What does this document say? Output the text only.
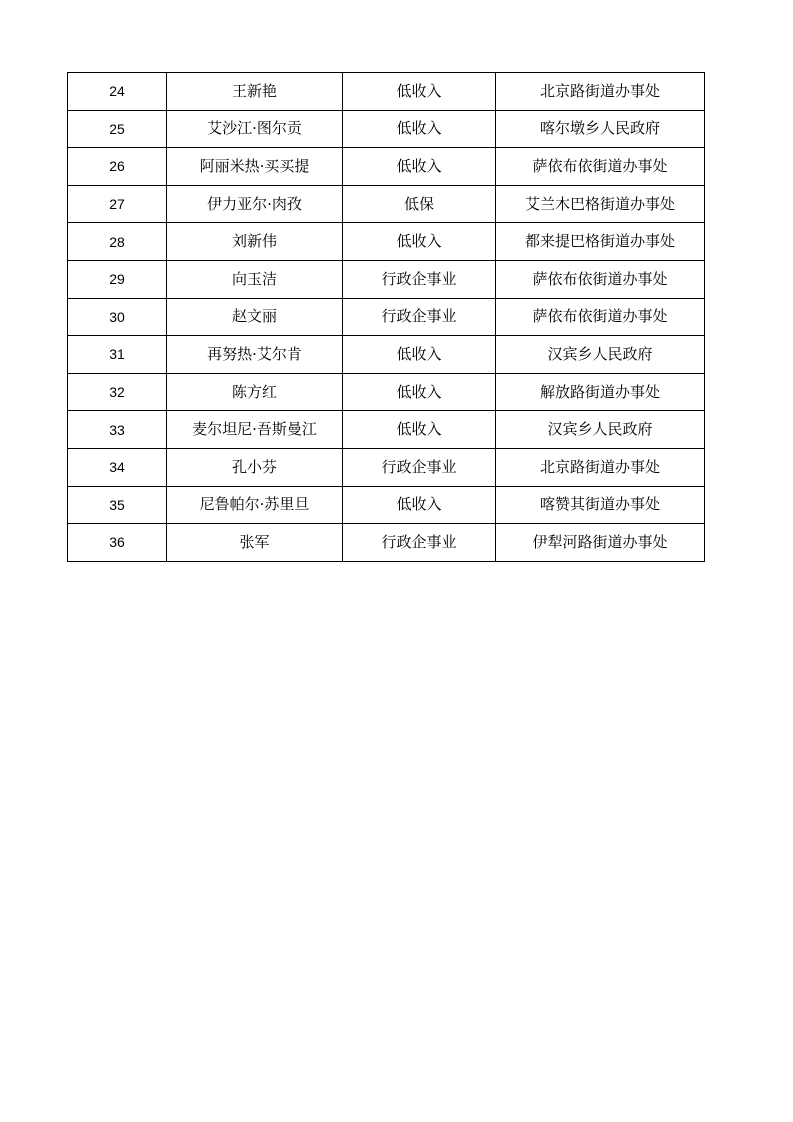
24	王新艳	低收入	北京路街道办事处
25	艾沙江·图尔贡	低收入	喀尔墩乡人民政府
26	阿丽米热·买买提	低收入	萨依布依街道办事处
27	伊力亚尔·肉孜	低保	艾兰木巴格街道办事处
28	刘新伟	低收入	都来提巴格街道办事处
29	向玉洁	行政企事业	萨依布依街道办事处
30	赵文丽	行政企事业	萨依布依街道办事处
31	再努热·艾尔肯	低收入	汉宾乡人民政府
32	陈方红	低收入	解放路街道办事处
33	麦尔坦尼·吾斯曼江	低收入	汉宾乡人民政府
34	孔小芬	行政企事业	北京路街道办事处
35	尼鲁帕尔·苏里旦	低收入	喀赞其街道办事处
36	张军	行政企事业	伊犁河路街道办事处
